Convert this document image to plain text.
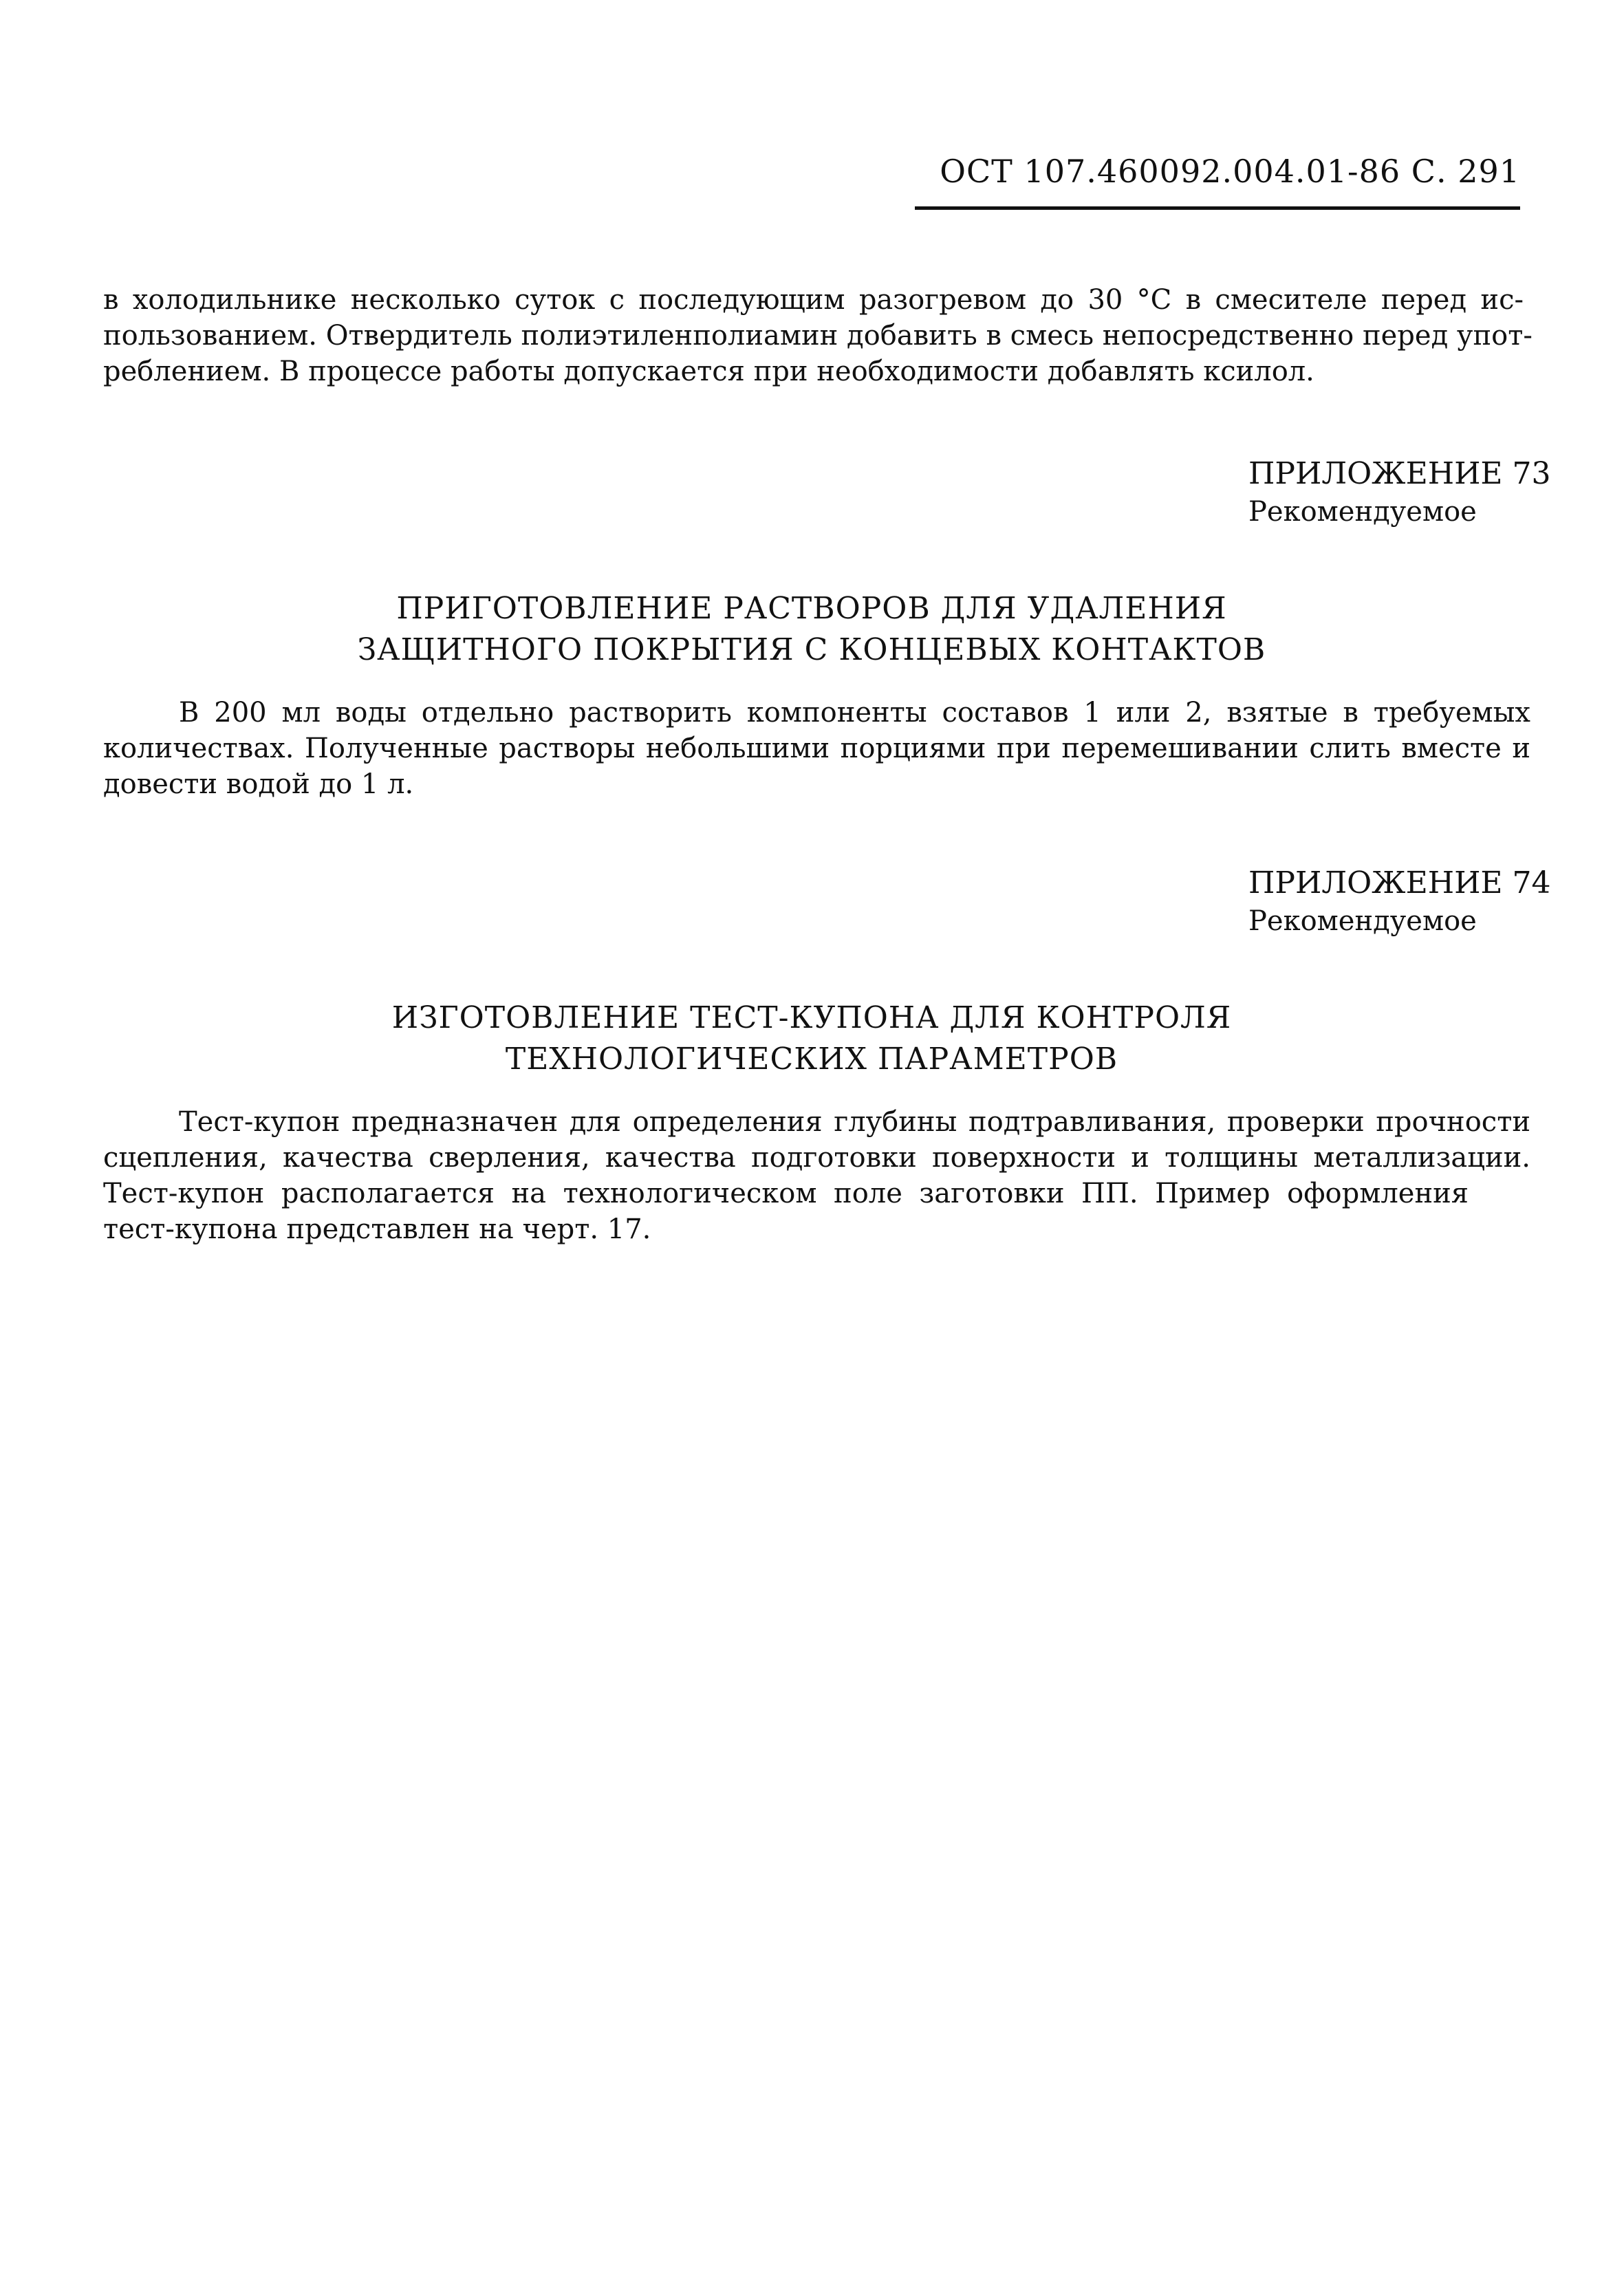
ОСТ 107.460092.004.01-86 С. 291
в холодильнике несколько суток с последующим разогревом до 30 °С в смесителе перед ис-
пользованием. Отвердитель полиэтиленполиамин добавить в смесь непосредственно перед упот-
реблением. В процессе работы допускается при необходимости добавлять ксилол.
ПРИЛОЖЕНИЕ 73
Рекомендуемое
ПРИГОТОВЛЕНИЕ РАСТВОРОВ ДЛЯ УДАЛЕНИЯ
ЗАЩИТНОГО ПОКРЫТИЯ С КОНЦЕВЫХ КОНТАКТОВ
В 200 мл воды отдельно растворить компоненты составов 1 или 2, взятые в требуемых
количествах. Полученные растворы небольшими порциями при перемешивании слить вместе и
довести водой до 1 л.
ПРИЛОЖЕНИЕ 74
Рекомендуемое
ИЗГОТОВЛЕНИЕ ТЕСТ-КУПОНА ДЛЯ КОНТРОЛЯ
ТЕХНОЛОГИЧЕСКИХ ПАРАМЕТРОВ
Тест-купон предназначен для определения глубины подтравливания, проверки прочности
сцепления, качества сверления, качества подготовки поверхности и толщины металлизации.
Тест-купон располагается на технологическом поле заготовки ПП. Пример оформления
тест-купона представлен на черт. 17.
